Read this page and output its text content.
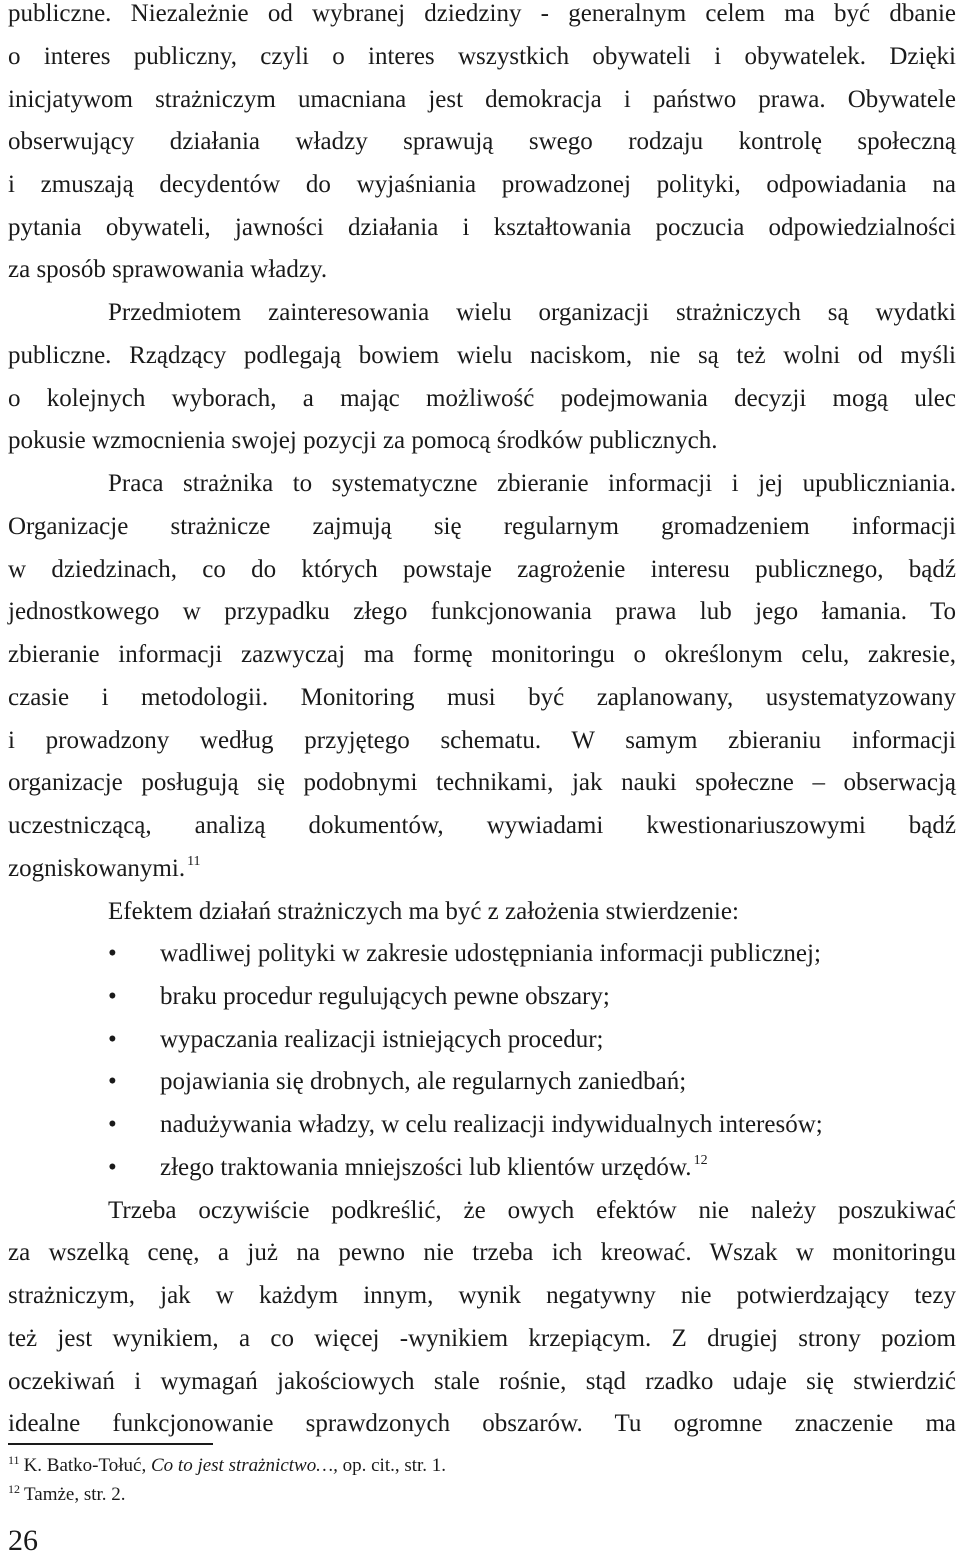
publiczne. Niezależnie od wybranej dziedziny - generalnym celem ma być dbanie
o interes publiczny, czyli o interes wszystkich obywateli i obywatelek. Dzięki
inicjatywom strażniczym umacniana jest demokracja i państwo prawa. Obywatele
obserwujący działania władzy sprawują swego rodzaju kontrolę społeczną
i zmuszają decydentów do wyjaśniania prowadzonej polityki, odpowiadania na
pytania obywateli, jawności działania i kształtowania poczucia odpowiedzialności
za sposób sprawowania władzy.
Przedmiotem zainteresowania wielu organizacji strażniczych są wydatki
publiczne. Rządzący podlegają bowiem wielu naciskom, nie są też wolni od myśli
o kolejnych wyborach, a mając możliwość podejmowania decyzji mogą ulec
pokusie wzmocnienia swojej pozycji za pomocą środków publicznych.
Praca strażnika to systematyczne zbieranie informacji i jej upubliczniania.
Organizacje strażnicze zajmują się regularnym gromadzeniem informacji
w dziedzinach, co do których powstaje zagrożenie interesu publicznego, bądź
jednostkowego w przypadku złego funkcjonowania prawa lub jego łamania. To
zbieranie informacji zazwyczaj ma formę monitoringu o określonym celu, zakresie,
czasie i metodologii. Monitoring musi być zaplanowany, usystematyzowany
i prowadzony według przyjętego schematu. W samym zbieraniu informacji
organizacje posługują się podobnymi technikami, jak nauki społeczne – obserwacją
uczestniczącą, analizą dokumentów, wywiadami kwestionariuszowymi bądź
zogniskowanymi. $^{11}$
Efektem działań strażniczych ma być z założenia stwierdzenie:
• wadliwej polityki w zakresie udostępniania informacji publicznej;
• braku procedur regulujących pewne obszary;
• wypaczania realizacji istniejących procedur;
• pojawiania się drobnych, ale regularnych zaniedbań;
• nadużywania władzy, w celu realizacji indywidualnych interesów;
• złego traktowania mniejszości lub klientów urzędów. $^{12}$
Trzeba oczywiście podkreślić, że owych efektów nie należy poszukiwać
za wszelką cenę, a już na pewno nie trzeba ich kreować. Wszak w monitoringu
strażniczym, jak w każdym innym, wynik negatywny nie potwierdzający tezy
też jest wynikiem, a co więcej -wynikiem krzepiącym. Z drugiej strony poziom
oczekiwań i wymagań jakościowych stale rośnie, stąd rzadko udaje się stwierdzić
idealne funkcjonowanie sprawdzonych obszarów. Tu ogromne znaczenie ma
$^{11}$ K. Batko-Tołuć, Co to jest strażnictwo…, op. cit., str. 1.
$^{12}$ Tamże, str. 2.
26
